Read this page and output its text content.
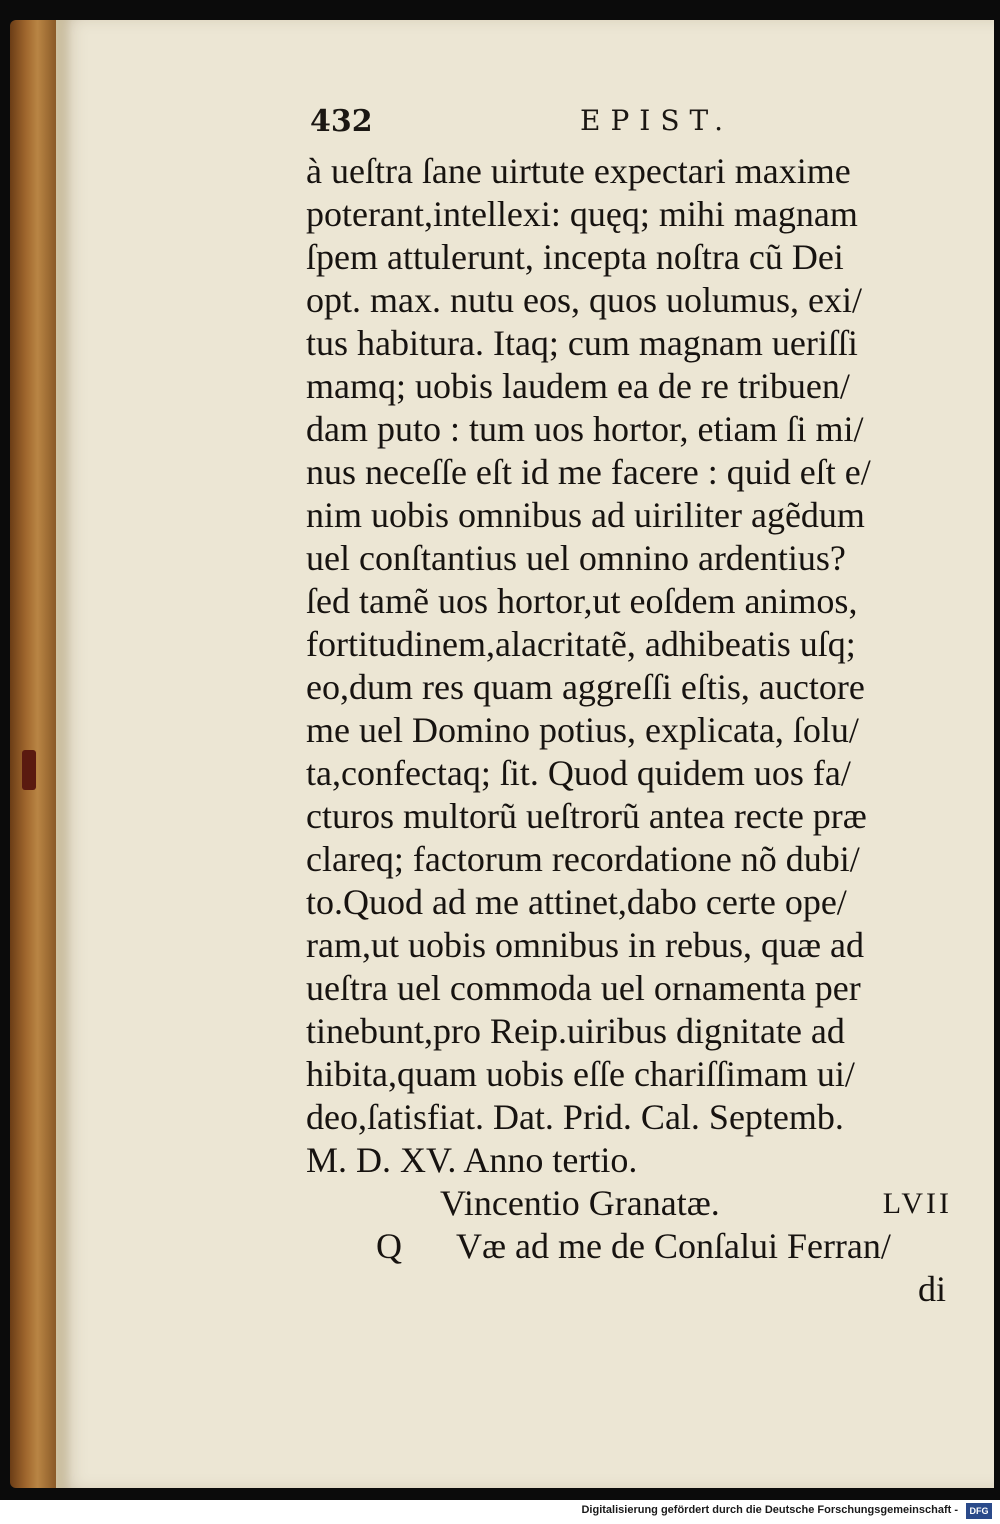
432	EPIST.
à ueſtra ſane uirtute expectari maxime
poterant,intellexi: quęq; mihi magnam
ſpem attulerunt, incepta noſtra cũ Dei
opt. max. nutu eos, quos uolumus, exi/
tus habitura. Itaq; cum magnam ueriſſi
mamq; uobis laudem ea de re tribuen/
dam puto : tum uos hortor, etiam ſi mi/
nus neceſſe eſt id me facere : quid eſt e/
nim uobis omnibus ad uiriliter agẽdum
uel conſtantius uel omnino ardentius?
ſed tamẽ uos hortor,ut eoſdem animos,
fortitudinem,alacritatẽ, adhibeatis uſq;
eo,dum res quam aggreſſi eſtis, auctore
me uel Domino potius, explicata, ſolu/
ta,confectaq; ſit. Quod quidem uos fa/
cturos multorũ ueſtrorũ antea recte præ
clareq; factorum recordatione nõ dubi/
to.Quod ad me attinet,dabo certe ope/
ram,ut uobis omnibus in rebus, quæ ad
ueſtra uel commoda uel ornamenta per
tinebunt,pro Reip.uiribus dignitate ad
hibita,quam uobis eſſe chariſſimam ui/
deo,ſatisfiat. Dat. Prid. Cal. Septemb.
M. D. XV. Anno tertio.
Vincentio Granatæ.	LVII
Q Væ ad me de Conſalui Ferran/
di
Digitalisierung gefördert durch die Deutsche Forschungsgemeinschaft -	DFG
